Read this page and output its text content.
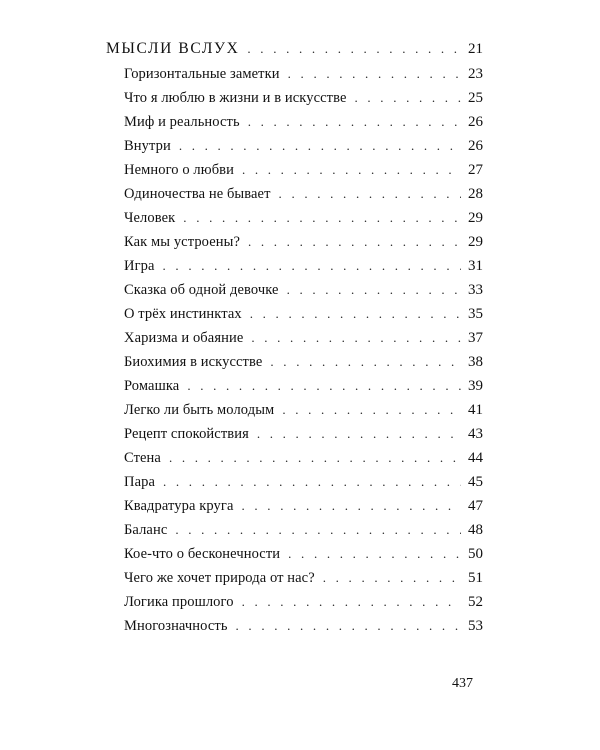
МЫСЛИ ВСЛУХ . . .	21
Горизонтальные заметки . . .	23
Что я люблю в жизни и в искусстве . . .	25
Миф и реальность . . .	26
Внутри . . .	26
Немного о любви . . .	27
Одиночества не бывает . . .	28
Человек . . .	29
Как мы устроены? . . .	29
Игра . . .	31
Сказка об одной девочке . . .	33
О трёх инстинктах . . .	35
Харизма и обаяние . . .	37
Биохимия в искусстве . . .	38
Ромашка . . .	39
Легко ли быть молодым . . .	41
Рецепт спокойствия . . .	43
Стена . . .	44
Пара . . .	45
Квадратура круга . . .	47
Баланс . . .	48
Кое-что о бесконечности . . .	50
Чего же хочет природа от нас? . . .	51
Логика прошлого . . .	52
Многозначность . . .	53
437
